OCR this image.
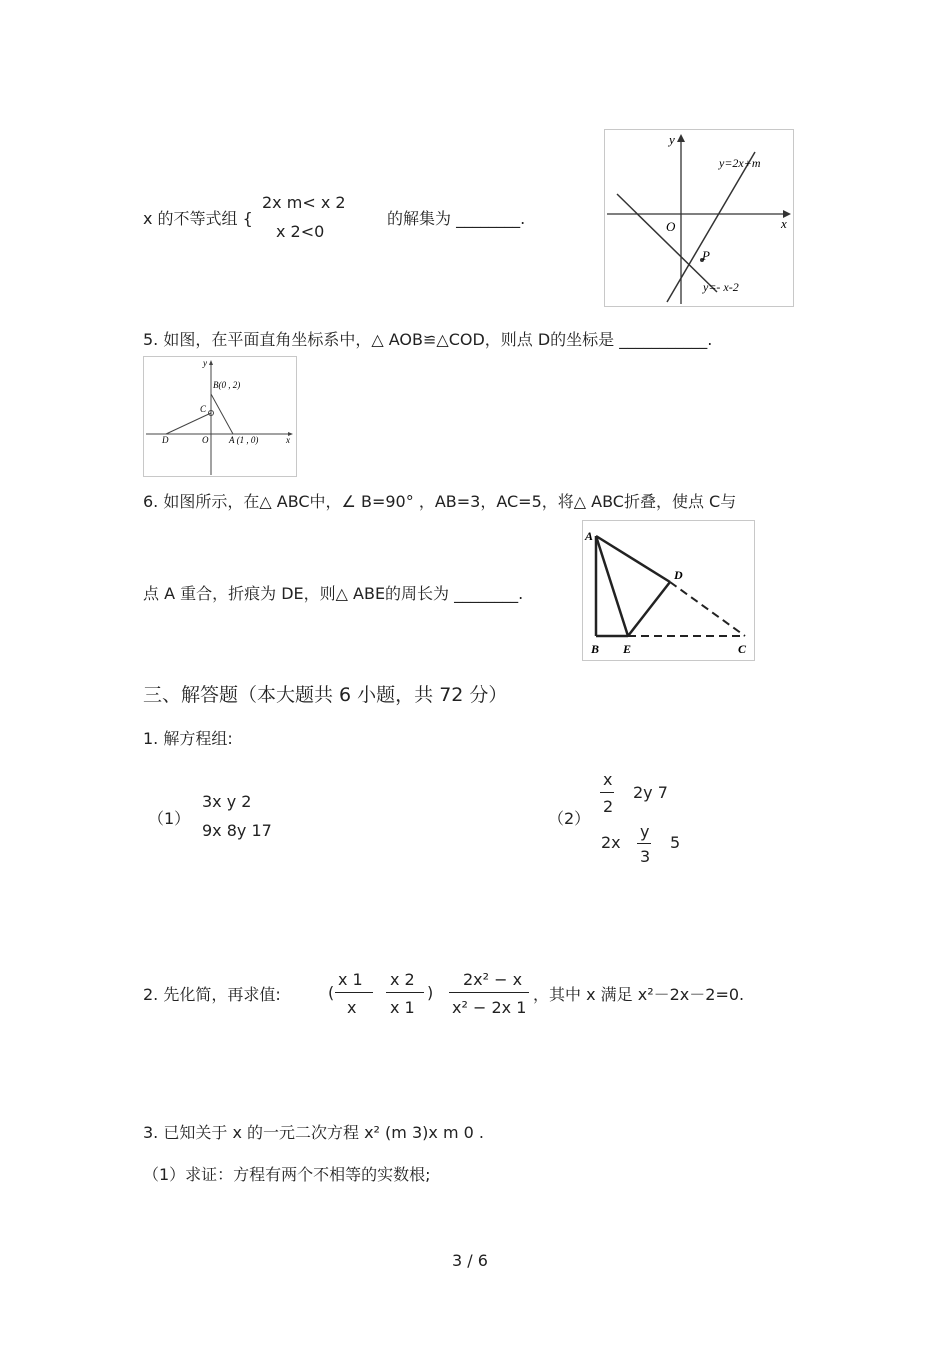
x 的不等式组 {
2x m< x 2
x 2<0
的解集为 ________.
y
x
O
P
y=2x+m
y=- x-2
5. 如图，在平面直角坐标系中，△ AOB≌△COD，则点 D的坐标是 ___________.
y
x
B(0 , 2)
C
D	O A (1 , 0)
6. 如图所示，在△ ABC中，∠ B=90° ，AB=3，AC=5，将△ ABC折叠，使点 C与
点 A 重合，折痕为 DE，则△ ABE的周长为 ________.
A
B E	C
D
三、解答题（本大题共 6 小题，共 72 分）
1. 解方程组:
（1）
3x y 2
9x 8y 17
（2）
x
2
2y 7
2x
y
3
5
2. 先化简，再求值:	(
x 1
x
x 2
x 1
)
2x² − x
x² − 2x 1
，其中 x 满足 x²－2x－2=0.
3. 已知关于 x 的一元二次方程 x² (m 3)x m 0 .
（1）求证：方程有两个不相等的实数根;
3 / 6
